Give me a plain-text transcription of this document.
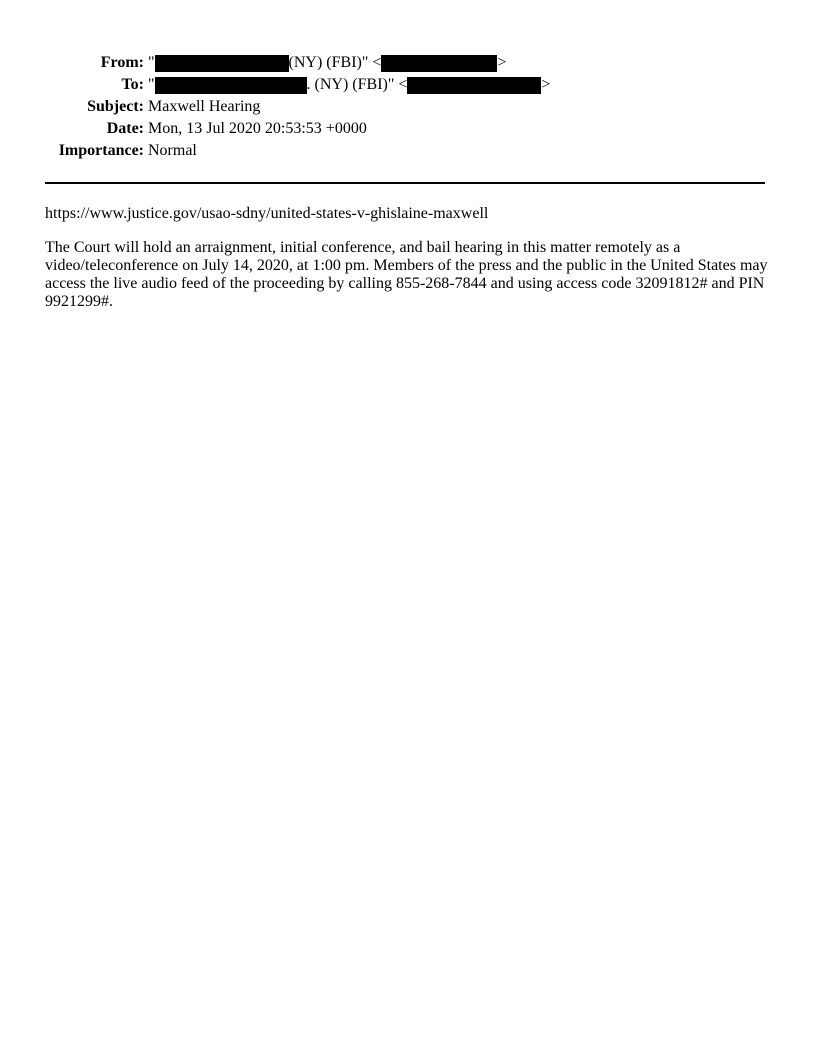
From: "	(NY) (FBI)" <	>
To: "	. (NY) (FBI)" <	>
Subject: Maxwell Hearing
Date: Mon, 13 Jul 2020 20:53:53 +0000
Importance: Normal

https://www.justice.gov/usao-sdny/united-states-v-ghislaine-maxwell

The Court will hold an arraignment, initial conference, and bail hearing in this matter remotely as a video/teleconference on July 14, 2020, at 1:00 pm. Members of the press and the public in the United States may access the live audio feed of the proceeding by calling 855-268-7844 and using access code 32091812# and PIN 9921299#.
